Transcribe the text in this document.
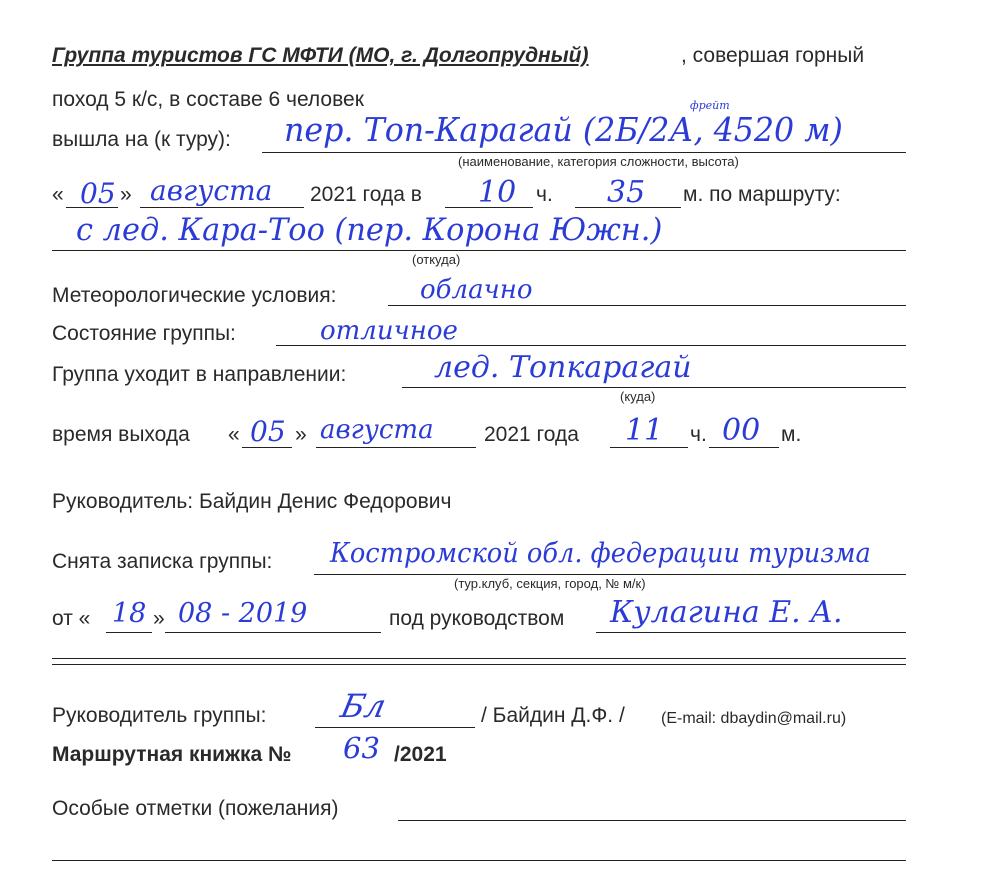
Группа туристов ГС МФТИ (МО, г. Долгопрудный)	, совершая горный
поход 5 к/с, в составе 6 человек
вышла на (к туру): пер. Топ-Карагай (2Б/2А, 4520 м)
фрейт
(наименование, категория сложности, высота)
« 05 » августа 2021 года в 10 ч. 35 м. по маршруту:
с лед. Кара-Тоо (пер. Корона Южн.)
(откуда)
Метеорологические условия:	облачно
Состояние группы:	отличное
Группа уходит в направлении:	лед. Топкарагай
(куда)
время выхода « 05 » августа 2021 года 11 ч. 00 м.
Руководитель: Байдин Денис Федорович
Снята записка группы: Костромской обл. федерации туризма
(тур.клуб, секция, город, № м/к)
от « 18 » 08 - 2019	под руководством Кулагина Е. А.
Руководитель группы: Бл	/ Байдин Д.Ф. / (E-mail: dbaydin@mail.ru)
Маршрутная книжка № 63 /2021
Особые отметки (пожелания)
